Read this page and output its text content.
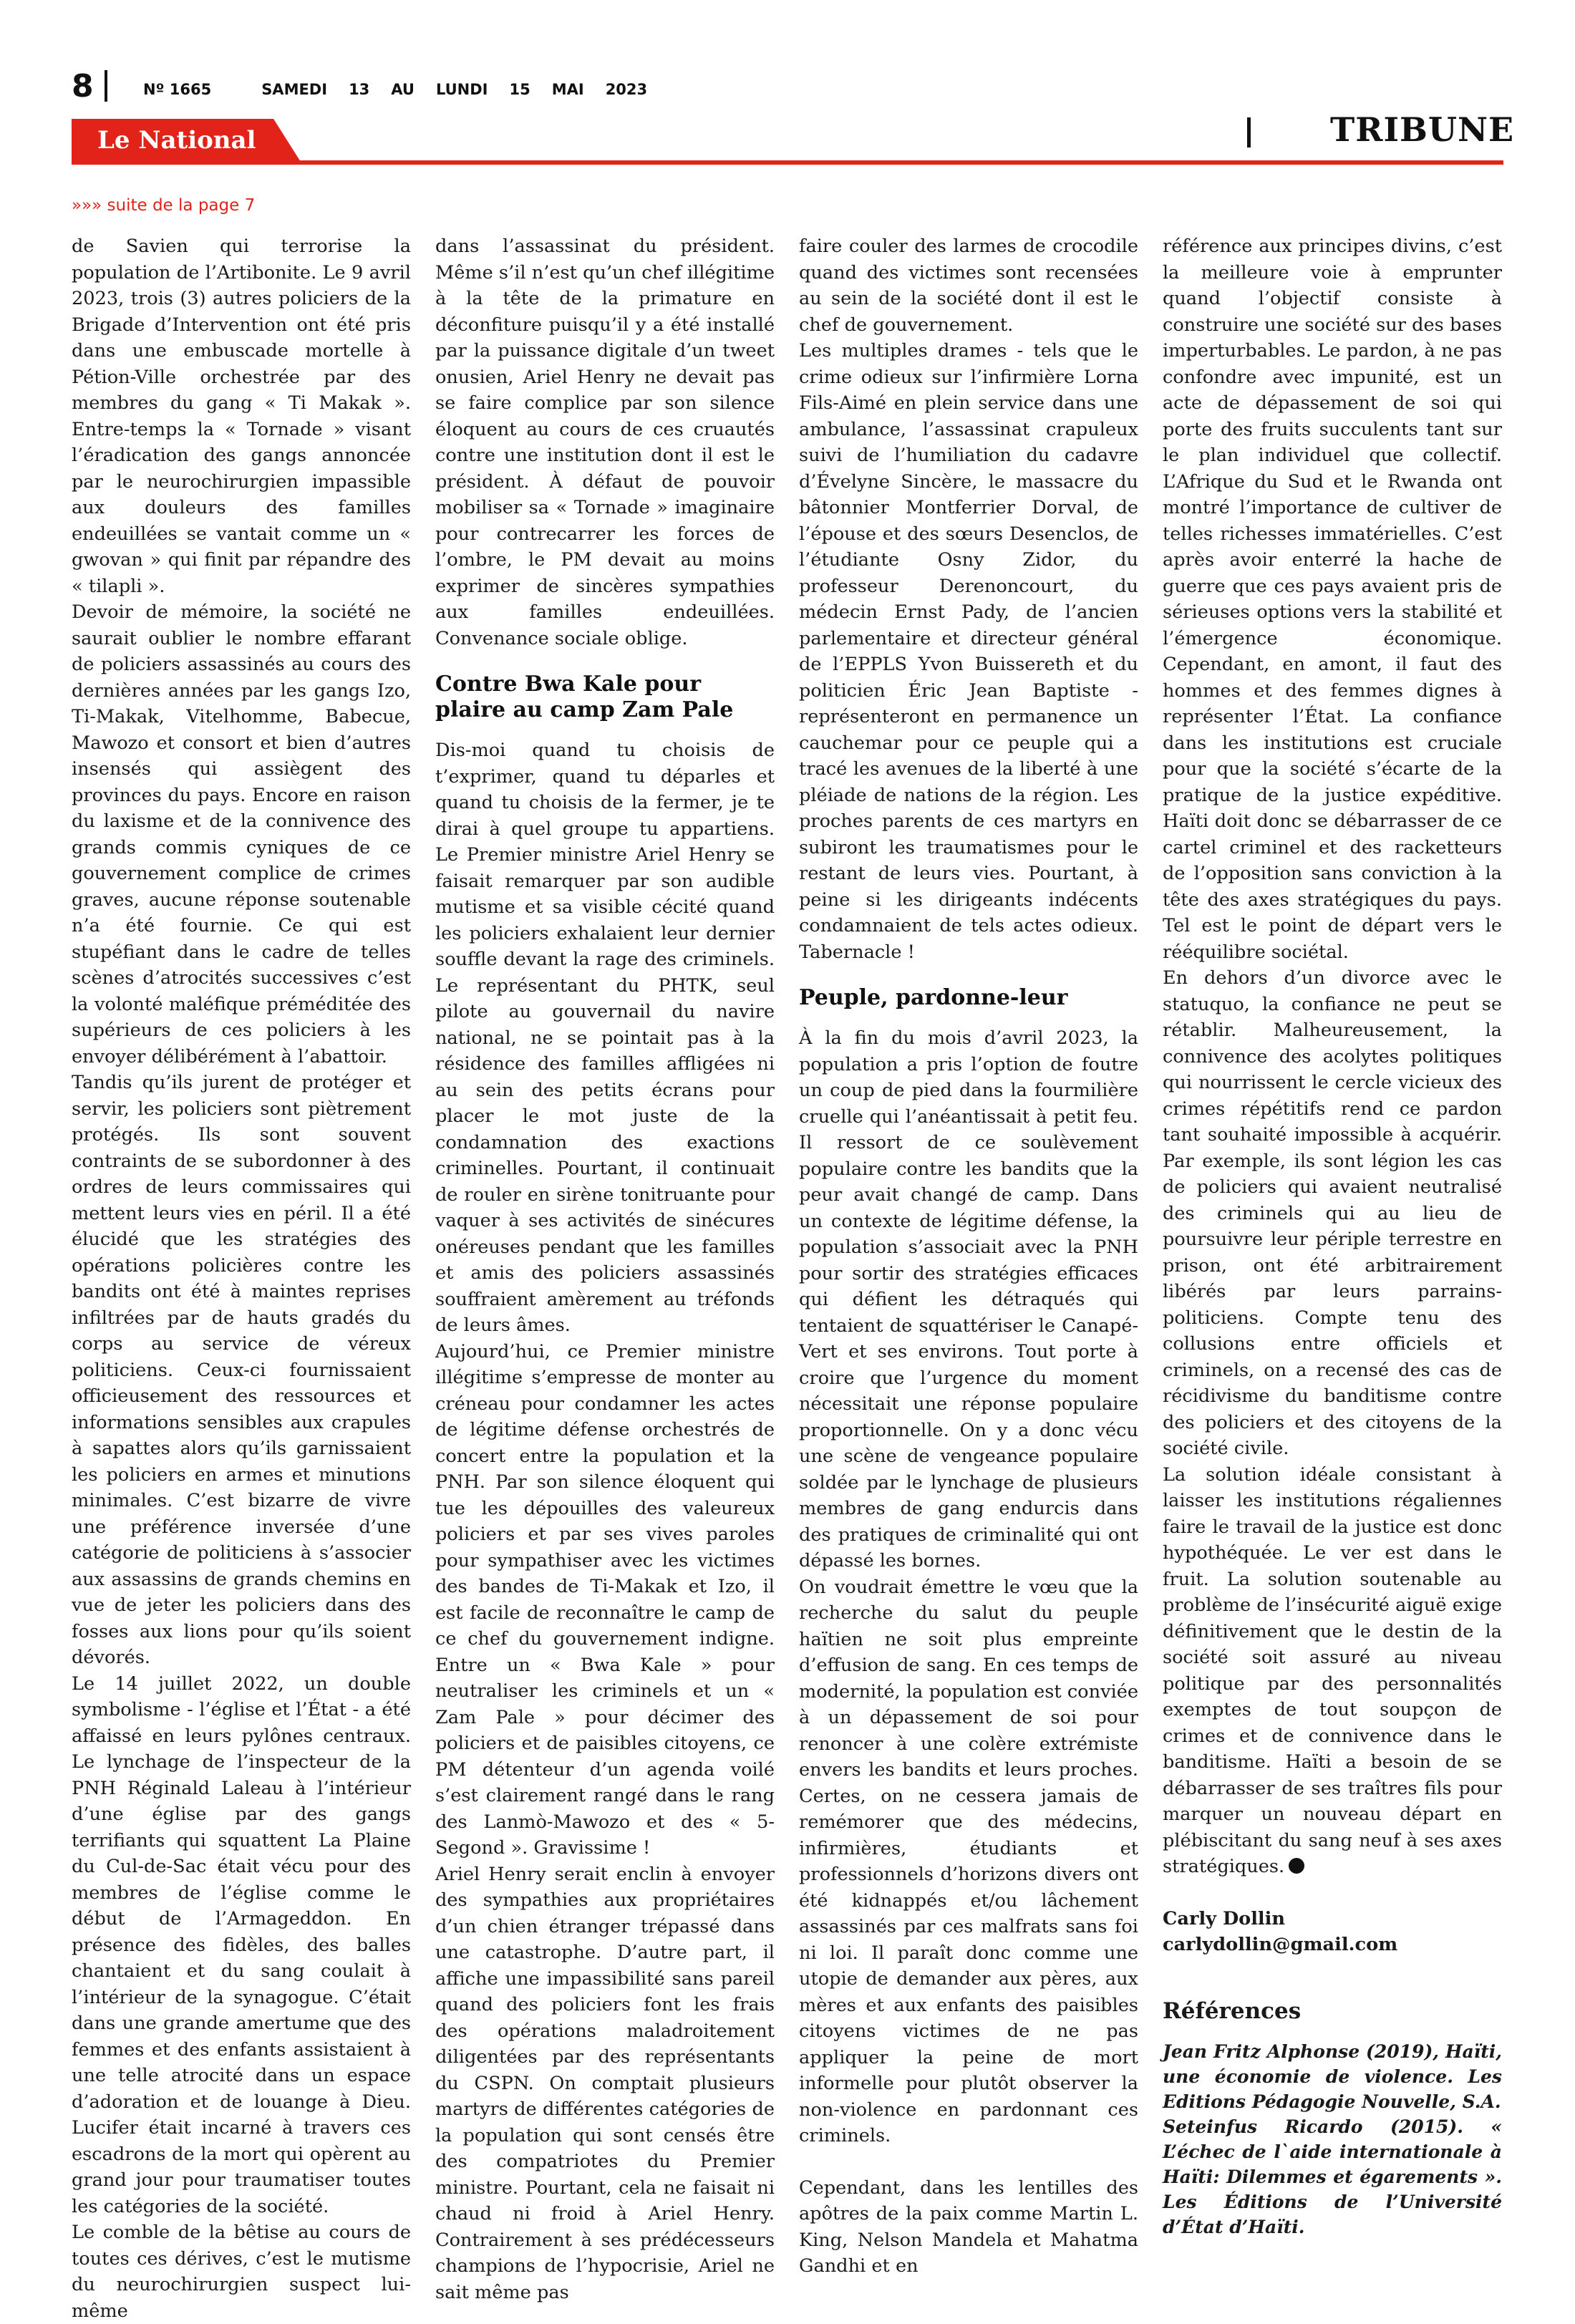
8	Nº 1665	SAMEDI 13 AU LUNDI 15 MAI 2023
Le National	TRIBUNE
»»» suite de la page 7

de Savien qui terrorise la population de l’Artibonite. Le 9 avril 2023, trois (3) autres policiers de la Brigade d’Intervention ont été pris dans une embuscade mortelle à Pétion-Ville orchestrée par des membres du gang « Ti Makak ». Entre-temps la « Tornade » visant l’éradication des gangs annoncée par le neurochirurgien impassible aux douleurs des familles endeuillées se vantait comme un « gwovan » qui finit par répandre des « tilapli ».

Devoir de mémoire, la société ne saurait oublier le nombre effarant de policiers assassinés au cours des dernières années par les gangs Izo, Ti-Makak, Vitelhomme, Babecue, Mawozo et consort et bien d’autres insensés qui assiègent des provinces du pays. Encore en raison du laxisme et de la connivence des grands commis cyniques de ce gouvernement complice de crimes graves, aucune réponse soutenable n’a été fournie. Ce qui est stupéfiant dans le cadre de telles scènes d’atrocités successives c’est la volonté maléfique préméditée des supérieurs de ces policiers à les envoyer délibérément à l’abattoir.

Tandis qu’ils jurent de protéger et servir, les policiers sont piètrement protégés. Ils sont souvent contraints de se subordonner à des ordres de leurs commissaires qui mettent leurs vies en péril. Il a été élucidé que les stratégies des opérations policières contre les bandits ont été à maintes reprises infiltrées par de hauts gradés du corps au service de véreux politiciens. Ceux-ci fournissaient officieusement des ressources et informations sensibles aux crapules à sapattes alors qu’ils garnissaient les policiers en armes et minutions minimales. C’est bizarre de vivre une préférence inversée d’une catégorie de politiciens à s’associer aux assassins de grands chemins en vue de jeter les policiers dans des fosses aux lions pour qu’ils soient dévorés.

Le 14 juillet 2022, un double symbolisme - l’église et l’État - a été affaissé en leurs pylônes centraux. Le lynchage de l’inspecteur de la PNH Réginald Laleau à l’intérieur d’une église par des gangs terrifiants qui squattent La Plaine du Cul-de-Sac était vécu pour des membres de l’église comme le début de l’Armageddon. En présence des fidèles, des balles chantaient et du sang coulait à l’intérieur de la synagogue. C’était dans une grande amertume que des femmes et des enfants assistaient à une telle atrocité dans un espace d’adoration et de louange à Dieu. Lucifer était incarné à travers ces escadrons de la mort qui opèrent au grand jour pour traumatiser toutes les catégories de la société.

Le comble de la bêtise au cours de toutes ces dérives, c’est le mutisme du neurochirurgien suspect lui-même

dans l’assassinat du président. Même s’il n’est qu’un chef illégitime à la tête de la primature en déconfiture puisqu’il y a été installé par la puissance digitale d’un tweet onusien, Ariel Henry ne devait pas se faire complice par son silence éloquent au cours de ces cruautés contre une institution dont il est le président. À défaut de pouvoir mobiliser sa « Tornade » imaginaire pour contrecarrer les forces de l’ombre, le PM devait au moins exprimer de sincères sympathies aux familles endeuillées. Convenance sociale oblige.

Contre Bwa Kale pour plaire au camp Zam Pale

Dis-moi quand tu choisis de t’exprimer, quand tu déparles et quand tu choisis de la fermer, je te dirai à quel groupe tu appartiens. Le Premier ministre Ariel Henry se faisait remarquer par son audible mutisme et sa visible cécité quand les policiers exhalaient leur dernier souffle devant la rage des criminels. Le représentant du PHTK, seul pilote au gouvernail du navire national, ne se pointait pas à la résidence des familles affligées ni au sein des petits écrans pour placer le mot juste de la condamnation des exactions criminelles. Pourtant, il continuait de rouler en sirène tonitruante pour vaquer à ses activités de sinécures onéreuses pendant que les familles et amis des policiers assassinés souffraient amèrement au tréfonds de leurs âmes.

Aujourd’hui, ce Premier ministre illégitime s’empresse de monter au créneau pour condamner les actes de légitime défense orchestrés de concert entre la population et la PNH. Par son silence éloquent qui tue les dépouilles des valeureux policiers et par ses vives paroles pour sympathiser avec les victimes des bandes de Ti-Makak et Izo, il est facile de reconnaître le camp de ce chef du gouvernement indigne. Entre un « Bwa Kale » pour neutraliser les criminels et un « Zam Pale » pour décimer des policiers et de paisibles citoyens, ce PM détenteur d’un agenda voilé s’est clairement rangé dans le rang des Lanmò-Mawozo et des « 5-Segond ». Gravissime !

Ariel Henry serait enclin à envoyer des sympathies aux propriétaires d’un chien étranger trépassé dans une catastrophe. D’autre part, il affiche une impassibilité sans pareil quand des policiers font les frais des opérations maladroitement diligentées par des représentants du CSPN. On comptait plusieurs martyrs de différentes catégories de la population qui sont censés être des compatriotes du Premier ministre. Pourtant, cela ne faisait ni chaud ni froid à Ariel Henry. Contrairement à ses prédécesseurs champions de l’hypocrisie, Ariel ne sait même pas

faire couler des larmes de crocodile quand des victimes sont recensées au sein de la société dont il est le chef de gouvernement.

Les multiples drames - tels que le crime odieux sur l’infirmière Lorna Fils-Aimé en plein service dans une ambulance, l’assassinat crapuleux suivi de l’humiliation du cadavre d’Évelyne Sincère, le massacre du bâtonnier Montferrier Dorval, de l’épouse et des sœurs Desenclos, de l’étudiante Osny Zidor, du professeur Derenoncourt, du médecin Ernst Pady, de l’ancien parlementaire et directeur général de l’EPPLS Yvon Buissereth et du politicien Éric Jean Baptiste - représenteront en permanence un cauchemar pour ce peuple qui a tracé les avenues de la liberté à une pléiade de nations de la région. Les proches parents de ces martyrs en subiront les traumatismes pour le restant de leurs vies. Pourtant, à peine si les dirigeants indécents condamnaient de tels actes odieux. Tabernacle !

Peuple, pardonne-leur

À la fin du mois d’avril 2023, la population a pris l’option de foutre un coup de pied dans la fourmilière cruelle qui l’anéantissait à petit feu. Il ressort de ce soulèvement populaire contre les bandits que la peur avait changé de camp. Dans un contexte de légitime défense, la population s’associait avec la PNH pour sortir des stratégies efficaces qui défient les détraqués qui tentaient de squattériser le Canapé-Vert et ses environs. Tout porte à croire que l’urgence du moment nécessitait une réponse populaire proportionnelle. On y a donc vécu une scène de vengeance populaire soldée par le lynchage de plusieurs membres de gang endurcis dans des pratiques de criminalité qui ont dépassé les bornes.

On voudrait émettre le vœu que la recherche du salut du peuple haïtien ne soit plus empreinte d’effusion de sang. En ces temps de modernité, la population est conviée à un dépassement de soi pour renoncer à une colère extrémiste envers les bandits et leurs proches. Certes, on ne cessera jamais de remémorer que des médecins, infirmières, étudiants et professionnels d’horizons divers ont été kidnappés et/ou lâchement assassinés par ces malfrats sans foi ni loi. Il paraît donc comme une utopie de demander aux pères, aux mères et aux enfants des paisibles citoyens victimes de ne pas appliquer la peine de mort informelle pour plutôt observer la non-violence en pardonnant ces criminels.

Cependant, dans les lentilles des apôtres de la paix comme Martin L. King, Nelson Mandela et Mahatma Gandhi et en

référence aux principes divins, c’est la meilleure voie à emprunter quand l’objectif consiste à construire une société sur des bases imperturbables. Le pardon, à ne pas confondre avec impunité, est un acte de dépassement de soi qui porte des fruits succulents tant sur le plan individuel que collectif. L’Afrique du Sud et le Rwanda ont montré l’importance de cultiver de telles richesses immatérielles. C’est après avoir enterré la hache de guerre que ces pays avaient pris de sérieuses options vers la stabilité et l’émergence économique. Cependant, en amont, il faut des hommes et des femmes dignes à représenter l’État. La confiance dans les institutions est cruciale pour que la société s’écarte de la pratique de la justice expéditive. Haïti doit donc se débarrasser de ce cartel criminel et des racketteurs de l’opposition sans conviction à la tête des axes stratégiques du pays. Tel est le point de départ vers le rééquilibre sociétal.

En dehors d’un divorce avec le statuquo, la confiance ne peut se rétablir. Malheureusement, la connivence des acolytes politiques qui nourrissent le cercle vicieux des crimes répétitifs rend ce pardon tant souhaité impossible à acquérir. Par exemple, ils sont légion les cas de policiers qui avaient neutralisé des criminels qui au lieu de poursuivre leur périple terrestre en prison, ont été arbitrairement libérés par leurs parrains-politiciens. Compte tenu des collusions entre officiels et criminels, on a recensé des cas de récidivisme du banditisme contre des policiers et des citoyens de la société civile.

La solution idéale consistant à laisser les institutions régaliennes faire le travail de la justice est donc hypothéquée. Le ver est dans le fruit. La solution soutenable au problème de l’insécurité aiguë exige définitivement que le destin de la société soit assuré au niveau politique par des personnalités exemptes de tout soupçon de crimes et de connivence dans le banditisme. Haïti a besoin de se débarrasser de ses traîtres fils pour marquer un nouveau départ en plébiscitant du sang neuf à ses axes stratégiques.

Carly Dollin
carlydollin@gmail.com
Références

Jean Fritz Alphonse (2019), Haïti, une économie de violence. Les Editions Pédagogie Nouvelle, S.A.

Seteinfus Ricardo (2015). « L’échec de l`aide internationale à Haïti: Dilemmes et égarements ». Les Éditions de l’Université d’État d’Haïti.
